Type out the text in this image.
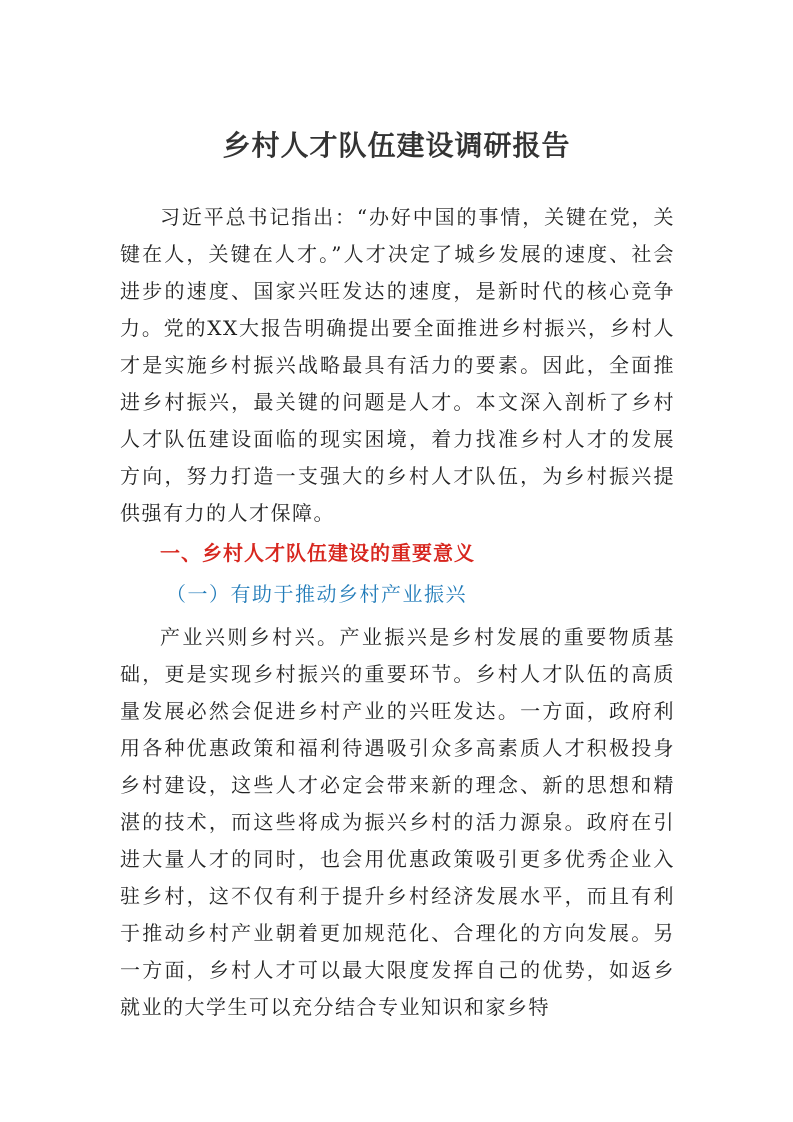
乡村人才队伍建设调研报告

习近平总书记指出：“办好中国的事情，关键在党，关键在人，关键在人才。”人才决定了城乡发展的速度、社会进步的速度、国家兴旺发达的速度，是新时代的核心竞争力。党的XX大报告明确提出要全面推进乡村振兴，乡村人才是实施乡村振兴战略最具有活力的要素。因此，全面推进乡村振兴，最关键的问题是人才。本文深入剖析了乡村人才队伍建设面临的现实困境，着力找准乡村人才的发展方向，努力打造一支强大的乡村人才队伍，为乡村振兴提供强有力的人才保障。

一、乡村人才队伍建设的重要意义
（一）有助于推动乡村产业振兴

产业兴则乡村兴。产业振兴是乡村发展的重要物质基础，更是实现乡村振兴的重要环节。乡村人才队伍的高质量发展必然会促进乡村产业的兴旺发达。一方面，政府利用各种优惠政策和福利待遇吸引众多高素质人才积极投身乡村建设，这些人才必定会带来新的理念、新的思想和精湛的技术，而这些将成为振兴乡村的活力源泉。政府在引进大量人才的同时，也会用优惠政策吸引更多优秀企业入驻乡村，这不仅有利于提升乡村经济发展水平，而且有利于推动乡村产业朝着更加规范化、合理化的方向发展。另一方面，乡村人才可以最大限度发挥自己的优势，如返乡就业的大学生可以充分结合专业知识和家乡特
